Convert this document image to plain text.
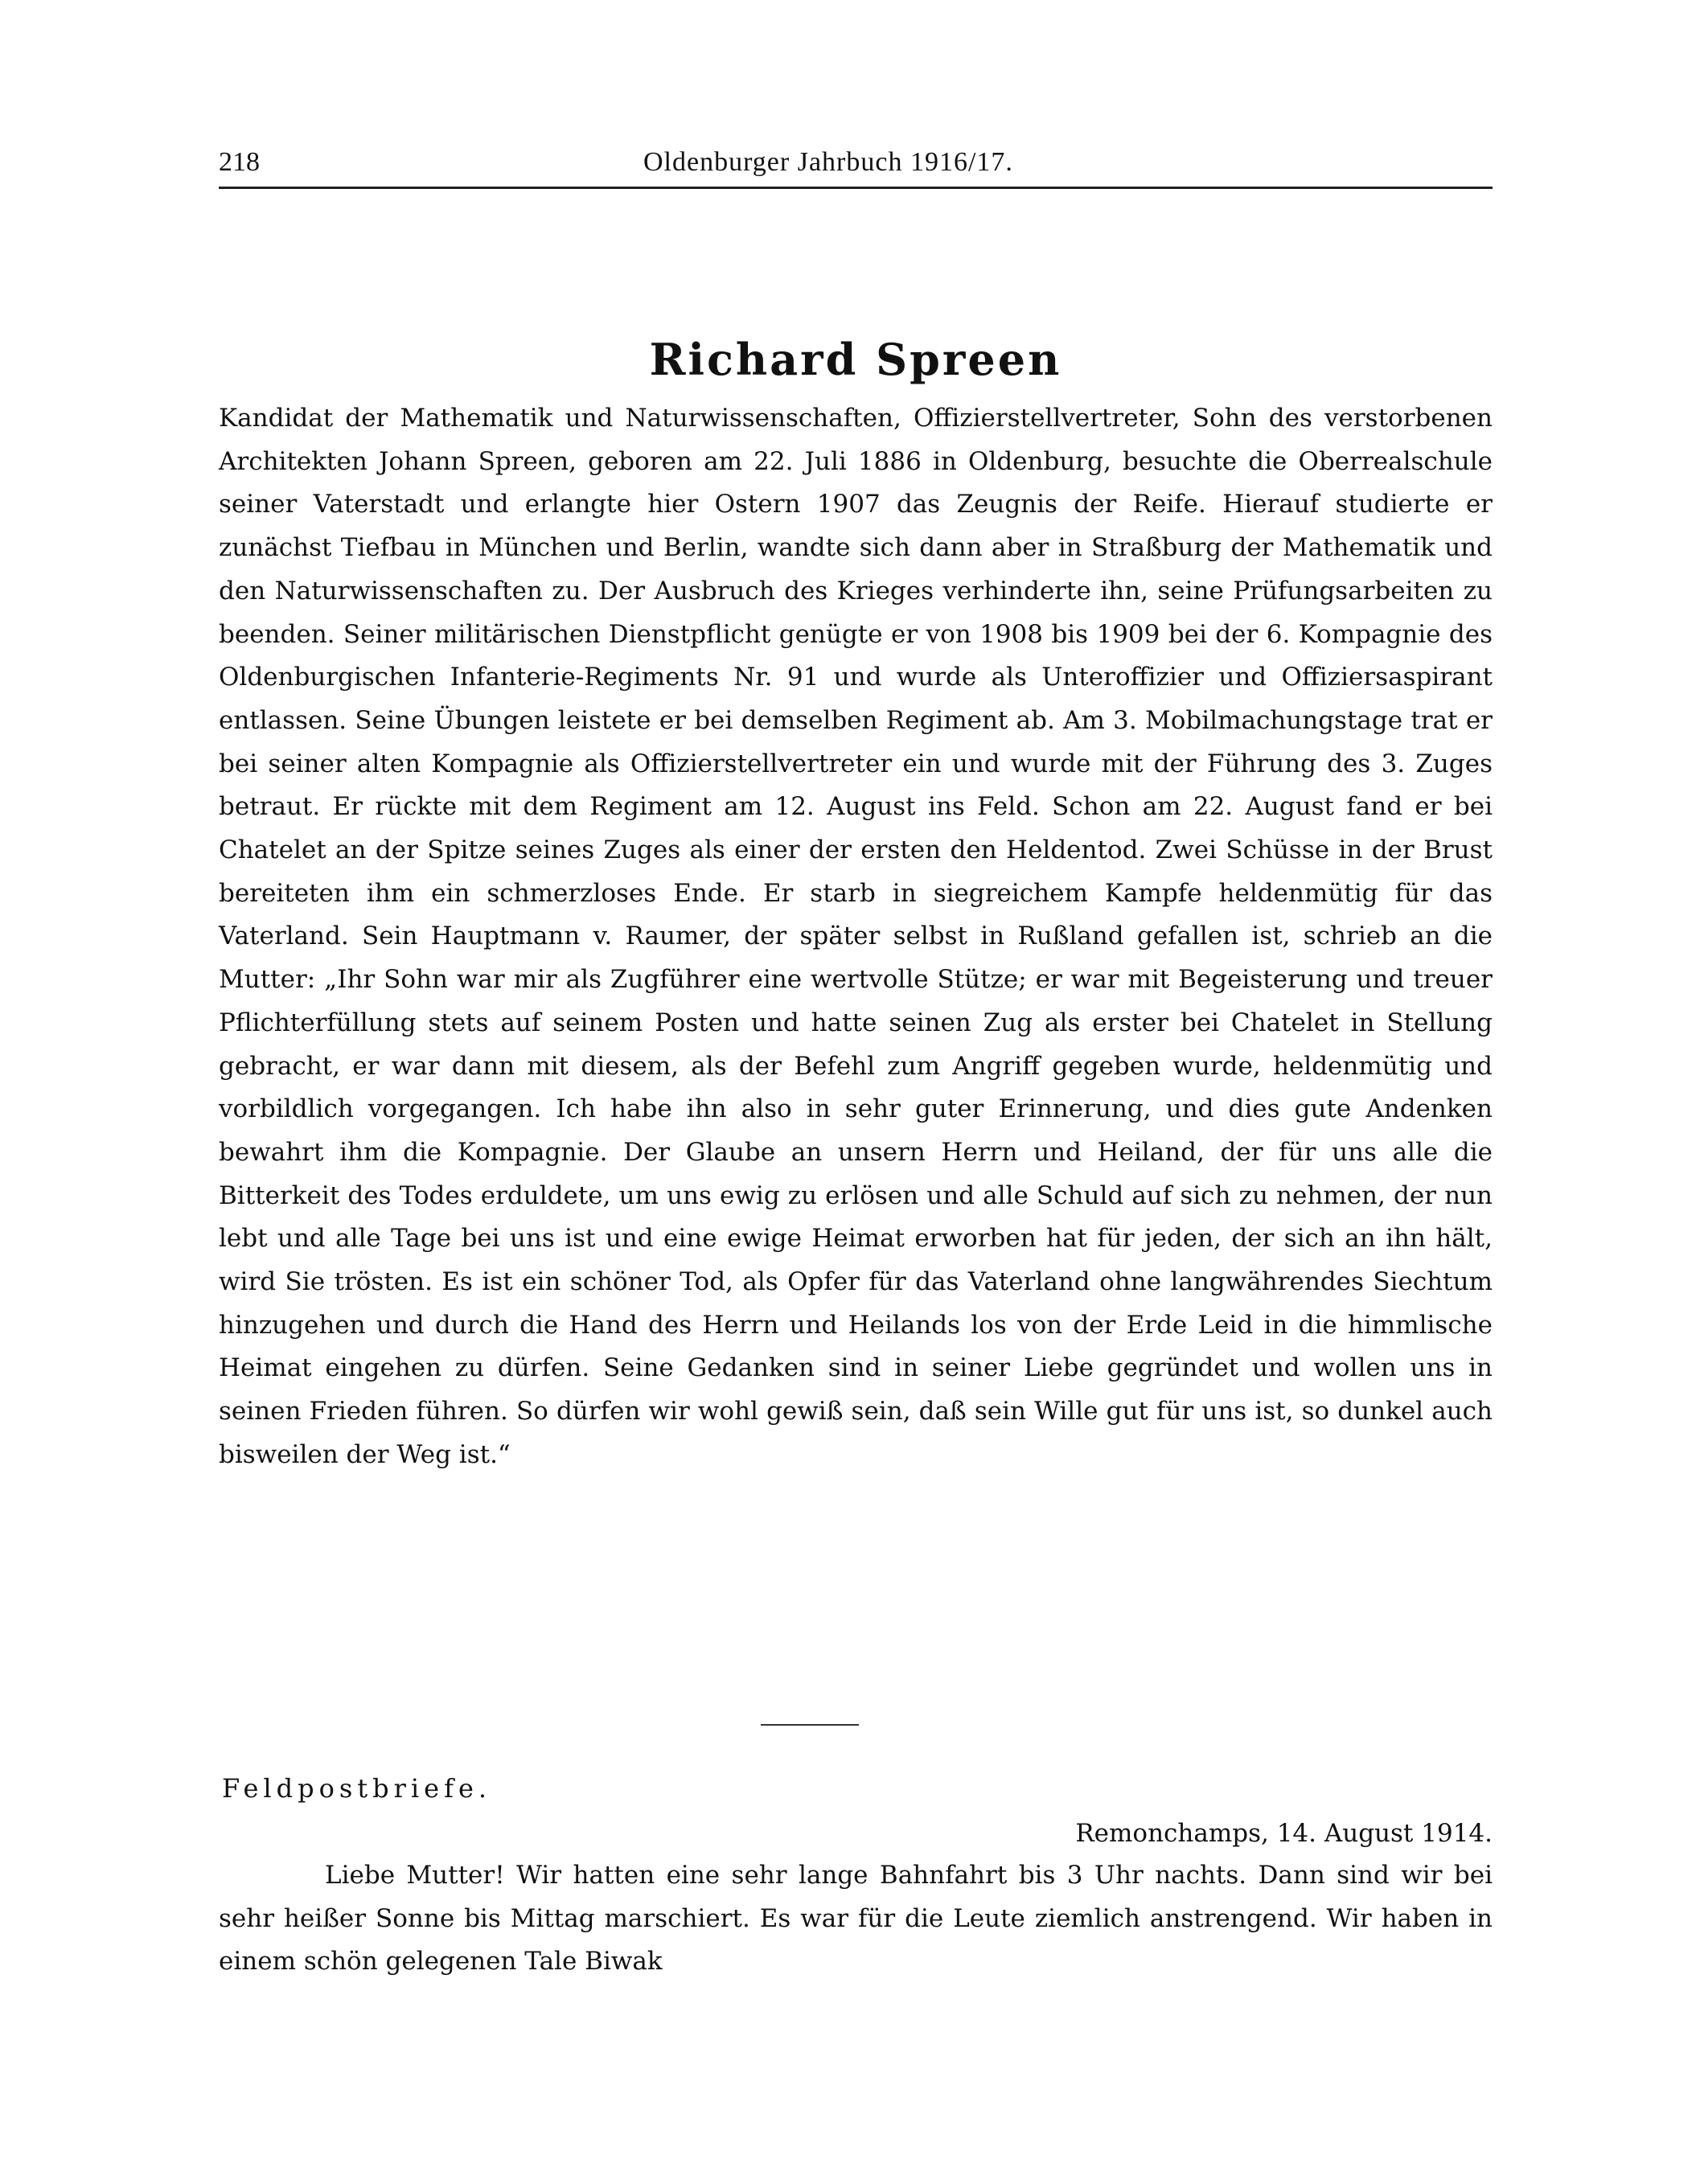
218	Oldenburger Jahrbuch 1916/17.
Richard Spreen
Kandidat der Mathematik und Naturwissenschaften, Offizierstellvertreter, Sohn des verstorbenen Architekten Johann Spreen, geboren am 22. Juli 1886 in Oldenburg, besuchte die Oberrealschule seiner Vaterstadt und erlangte hier Ostern 1907 das Zeugnis der Reife. Hierauf studierte er zunächst Tiefbau in München und Berlin, wandte sich dann aber in Straßburg der Mathematik und den Naturwissenschaften zu. Der Ausbruch des Krieges verhinderte ihn, seine Prüfungsarbeiten zu beenden. Seiner militärischen Dienstpflicht genügte er von 1908 bis 1909 bei der 6. Kompagnie des Oldenburgischen Infanterie-Regiments Nr. 91 und wurde als Unteroffizier und Offiziersaspirant entlassen. Seine Übungen leistete er bei demselben Regiment ab. Am 3. Mobilmachungstage trat er bei seiner alten Kompagnie als Offizierstellvertreter ein und wurde mit der Führung des 3. Zuges betraut. Er rückte mit dem Regiment am 12. August ins Feld. Schon am 22. August fand er bei Chatelet an der Spitze seines Zuges als einer der ersten den Heldentod. Zwei Schüsse in der Brust bereiteten ihm ein schmerzloses Ende. Er starb in siegreichem Kampfe heldenmütig für das Vaterland. Sein Hauptmann v. Raumer, der später selbst in Rußland gefallen ist, schrieb an die Mutter: „Ihr Sohn war mir als Zugführer eine wertvolle Stütze; er war mit Begeisterung und treuer Pflichterfüllung stets auf seinem Posten und hatte seinen Zug als erster bei Chatelet in Stellung gebracht, er war dann mit diesem, als der Befehl zum Angriff gegeben wurde, heldenmütig und vorbildlich vorgegangen. Ich habe ihn also in sehr guter Erinnerung, und dies gute Andenken bewahrt ihm die Kompagnie. Der Glaube an unsern Herrn und Heiland, der für uns alle die Bitterkeit des Todes erduldete, um uns ewig zu erlösen und alle Schuld auf sich zu nehmen, der nun lebt und alle Tage bei uns ist und eine ewige Heimat erworben hat für jeden, der sich an ihn hält, wird Sie trösten. Es ist ein schöner Tod, als Opfer für das Vaterland ohne langwährendes Siechtum hinzugehen und durch die Hand des Herrn und Heilands los von der Erde Leid in die himmlische Heimat eingehen zu dürfen. Seine Gedanken sind in seiner Liebe gegründet und wollen uns in seinen Frieden führen. So dürfen wir wohl gewiß sein, daß sein Wille gut für uns ist, so dunkel auch bisweilen der Weg ist.“
Feldpostbriefe.
Remonchamps, 14. August 1914.
Liebe Mutter! Wir hatten eine sehr lange Bahnfahrt bis 3 Uhr nachts. Dann sind wir bei sehr heißer Sonne bis Mittag marschiert. Es war für die Leute ziemlich anstrengend. Wir haben in einem schön gelegenen Tale Biwak
